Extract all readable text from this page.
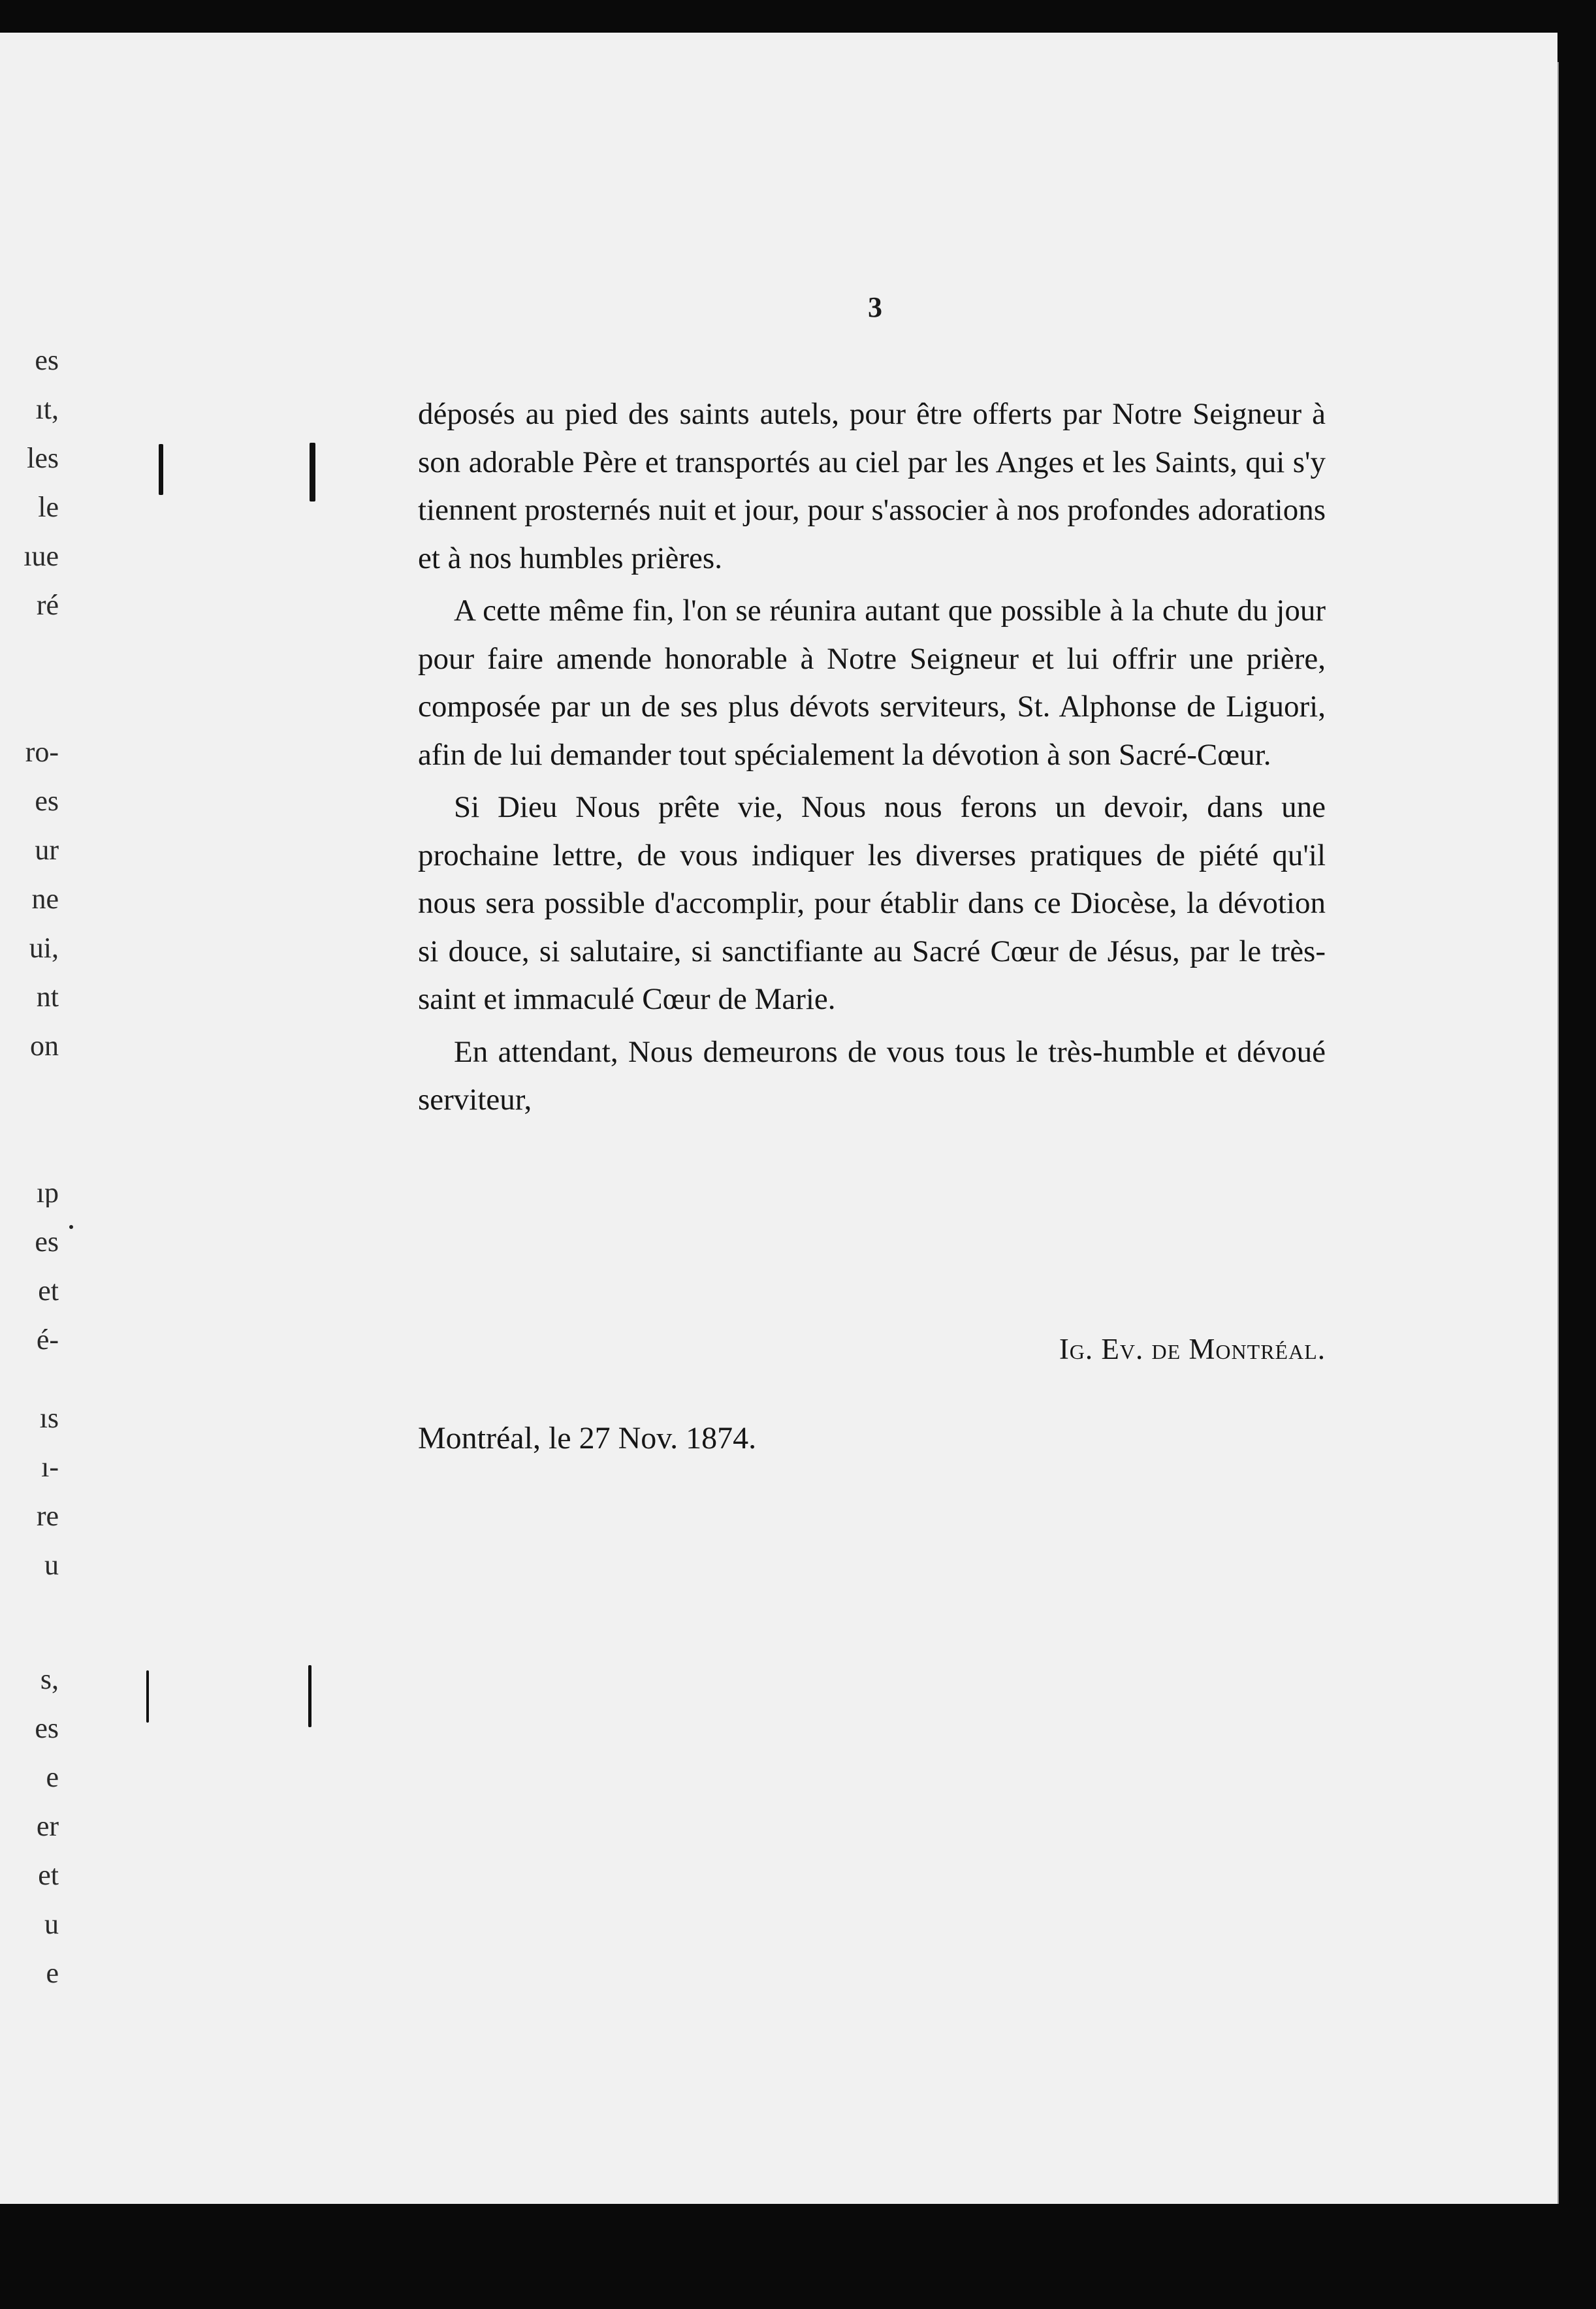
es
ıt,
les
le
ıue
ré
ro-
es
ur
ne
ui,
nt
on
ıp
es
et
é-
ıs
ı-
re
u
s,
es
e
er
et
u
e
3

déposés au pied des saints autels, pour être offerts par Notre Seigneur à son adorable Père et transportés au ciel par les Anges et les Saints, qui s'y tiennent prosternés nuit et jour, pour s'associer à nos profondes adorations et à nos humbles prières.

A cette même fin, l'on se réunira autant que possible à la chute du jour pour faire amende honorable à Notre Seigneur et lui offrir une prière, composée par un de ses plus dévots serviteurs, St. Alphonse de Liguori, afin de lui demander tout spécialement la dévotion à son Sacré-Cœur.

Si Dieu Nous prête vie, Nous nous ferons un devoir, dans une prochaine lettre, de vous indiquer les diverses pratiques de piété qu'il nous sera possible d'accomplir, pour établir dans ce Diocèse, la dévotion si douce, si salutaire, si sanctifiante au Sacré Cœur de Jésus, par le très-saint et immaculé Cœur de Marie.

En attendant, Nous demeurons de vous tous le très-humble et dévoué serviteur,

Ig. Ev. de Montréal.
Montréal, le 27 Nov. 1874.
